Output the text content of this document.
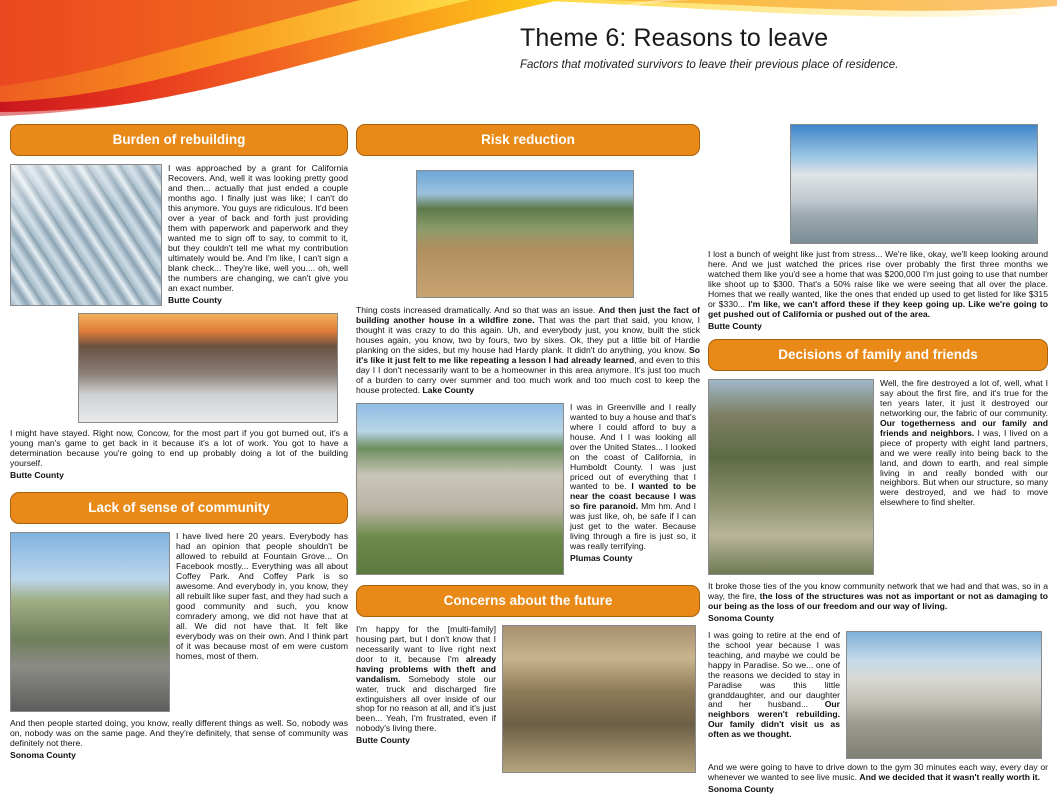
Theme 6: Reasons to leave
Factors that motivated survivors to leave their previous place of residence.
Burden of rebuilding
I was approached by a grant for California Recovers. And, well it was looking pretty good and then... actually that just ended a couple months ago. I finally just was like; I can't do this anymore. You guys are ridiculous. It'd been over a year of back and forth just providing them with paperwork and paperwork and they wanted me to sign off to say, to commit to it, but they couldn't tell me what my contribution ultimately would be. And I'm like, I can't sign a blank check... They're like, well you.... oh, well the numbers are changing, we can't give you an exact number.
Butte County
I might have stayed. Right now, Concow, for the most part if you got burned out, it's a young man's game to get back in it because it's a lot of work. You got to have a determination because you're going to end up probably doing a lot of the building yourself.
Butte County
Lack of sense of community
I have lived here 20 years. Everybody has had an opinion that people shouldn't be allowed to rebuild at Fountain Grove... On Facebook mostly... Everything was all about Coffey Park. And Coffey Park is so awesome. And everybody in, you know, they all rebuilt like super fast, and they had such a good community and such, you know comradery among, we did not have that at all. We did not have that. It felt like everybody was on their own. And I think part of it was because most of em were custom homes, most of them.
And then people started doing, you know, really different things as well. So, nobody was on, nobody was on the same page. And they're definitely, that sense of community was definitely not there.
Sonoma County
Risk reduction
Thing costs increased dramatically. And so that was an issue. And then just the fact of building another house in a wildfire zone. That was the part that said, you know, I thought it was crazy to do this again. Uh, and everybody just, you know, built the stick houses again, you know, two by fours, two by sixes. Ok, they put a little bit of Hardie planking on the sides, but my house had Hardy plank. It didn't do anything, you know. So it's like it just felt to me like repeating a lesson I had already learned, and even to this day I I don't necessarily want to be a homeowner in this area anymore. It's just too much of a burden to carry over summer and too much work and too much cost to keep the house protected. Lake County
I was in Greenville and I really wanted to buy a house and that's where I could afford to buy a house. And I I was looking all over the United States... I looked on the coast of California, in Humboldt County. I was just priced out of everything that I wanted to be. I wanted to be near the coast because I was so fire paranoid. Mm hm. And I was just like, oh, be safe if I can just get to the water. Because living through a fire is just so, it was really terrifying.
Plumas County
Concerns about the future
I'm happy for the [multi-family] housing part, but I don't know that I necessarily want to live right next door to it, because I'm already having problems with theft and vandalism. Somebody stole our water, truck and discharged fire extinguishers all over inside of our shop for no reason at all, and it's just been... Yeah, I'm frustrated, even if nobody's living there.
Butte County
I lost a bunch of weight like just from stress... We're like, okay, we'll keep looking around here. And we just watched the prices rise over probably the first three months we watched them like you'd see a home that was $200,000 I'm just going to use that number like shoot up to $300. That's a 50% raise like we were seeing that all over the place. Homes that we really wanted, like the ones that ended up used to get listed for like $315 or $330... I'm like, we can't afford these if they keep going up. Like we're going to get pushed out of California or pushed out of the area.
Butte County
Decisions of family and friends
Well, the fire destroyed a lot of, well, what I say about the first fire, and it's true for the ten years later, it just it destroyed our networking our, the fabric of our community. Our togetherness and our family and friends and neighbors. I was, I lived on a piece of property with eight land partners, and we were really into being back to the land, and down to earth, and real simple living in and really bonded with our neighbors. But when our structure, so many were destroyed, and we had to move elsewhere to find shelter.
It broke those ties of the you know community network that we had and that was, so in a way, the fire, the loss of the structures was not as important or not as damaging to our being as the loss of our freedom and our way of living.
Sonoma County
I was going to retire at the end of the school year because I was teaching, and maybe we could be happy in Paradise. So we... one of the reasons we decided to stay in Paradise was this little granddaughter, and our daughter and her husband... Our neighbors weren't rebuilding. Our family didn't visit us as often as we thought.
And we were going to have to drive down to the gym 30 minutes each way, every day or whenever we wanted to see live music. And we decided that it wasn't really worth it.
Sonoma County
